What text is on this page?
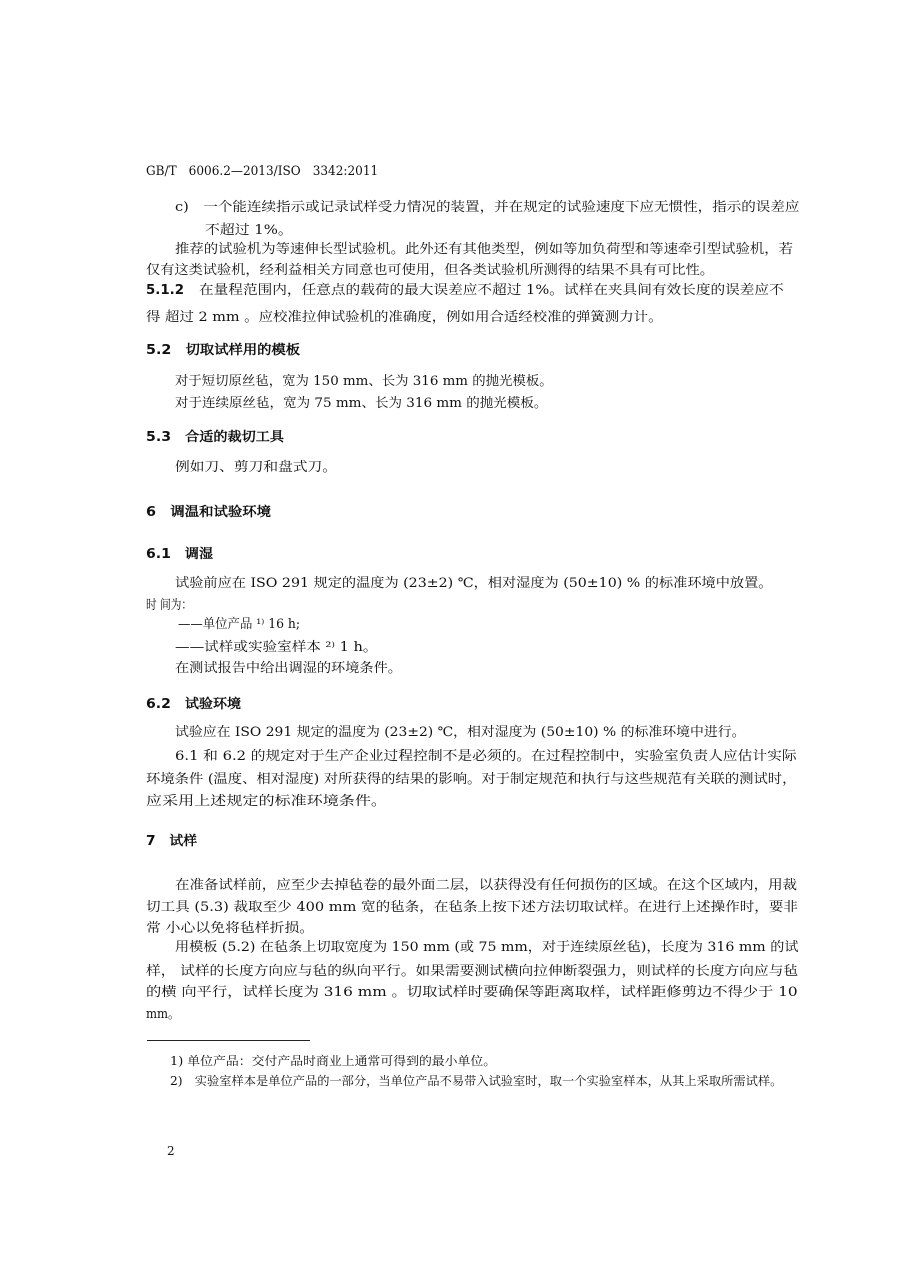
GB/T　6006.2—2013/ISO　3342:2011
c)　一个能连续指示或记录试样受力情况的装置，并在规定的试验速度下应无惯性，指示的误差应
不超过 1%。
推荐的试验机为等速伸长型试验机。此外还有其他类型，例如等加负荷型和等速牵引型试验机，若
仅有这类试验机，经利益相关方同意也可使用，但各类试验机所测得的结果不具有可比性。
5.1.2 在量程范围内，任意点的载荷的最大误差应不超过 1%。试样在夹具间有效长度的误差应不
得 超过 2 mm 。应校准拉伸试验机的准确度，例如用合适经校准的弹簧测力计。
5.2　切取试样用的模板
对于短切原丝毡，宽为 150 mm、长为 316 mm 的抛光模板。
对于连续原丝毡，宽为 75 mm、长为 316 mm 的抛光模板。
5.3　合适的裁切工具
例如刀、剪刀和盘式刀。
6　调温和试验环境
6.1　调湿
试验前应在 ISO 291 规定的温度为 (23±2) ℃，相对湿度为 (50±10) % 的标准环境中放置。
时 间为：
——单位产品 ¹⁾ 16 h;
——试样或实验室样本 ²⁾ 1 h。
在测试报告中给出调湿的环境条件。
6.2　试验环境
试验应在 ISO 291 规定的温度为 (23±2) ℃，相对湿度为 (50±10) % 的标准环境中进行。
6.1 和 6.2 的规定对于生产企业过程控制不是必须的。在过程控制中，实验室负责人应估计实际
环境条件 (温度、相对湿度) 对所获得的结果的影响。对于制定规范和执行与这些规范有关联的测试时，
应采用上述规定的标准环境条件。
7　试样
在准备试样前，应至少去掉毡卷的最外面二层，以获得没有任何损伤的区域。在这个区域内，用裁
切工具 (5.3) 裁取至少 400 mm 宽的毡条，在毡条上按下述方法切取试样。在进行上述操作时，要非
常 小心以免将毡样折损。
用模板 (5.2) 在毡条上切取宽度为 150 mm (或 75 mm，对于连续原丝毡)，长度为 316 mm 的试
样， 试样的长度方向应与毡的纵向平行。如果需要测试横向拉伸断裂强力，则试样的长度方向应与毡
的横 向平行，试样长度为 316 mm 。切取试样时要确保等距离取样，试样距修剪边不得少于 10
mm。
1) 单位产品：交付产品时商业上通常可得到的最小单位。
2)　实验室样本是单位产品的一部分，当单位产品不易带入试验室时，取一个实验室样本，从其上采取所需试样。
2
